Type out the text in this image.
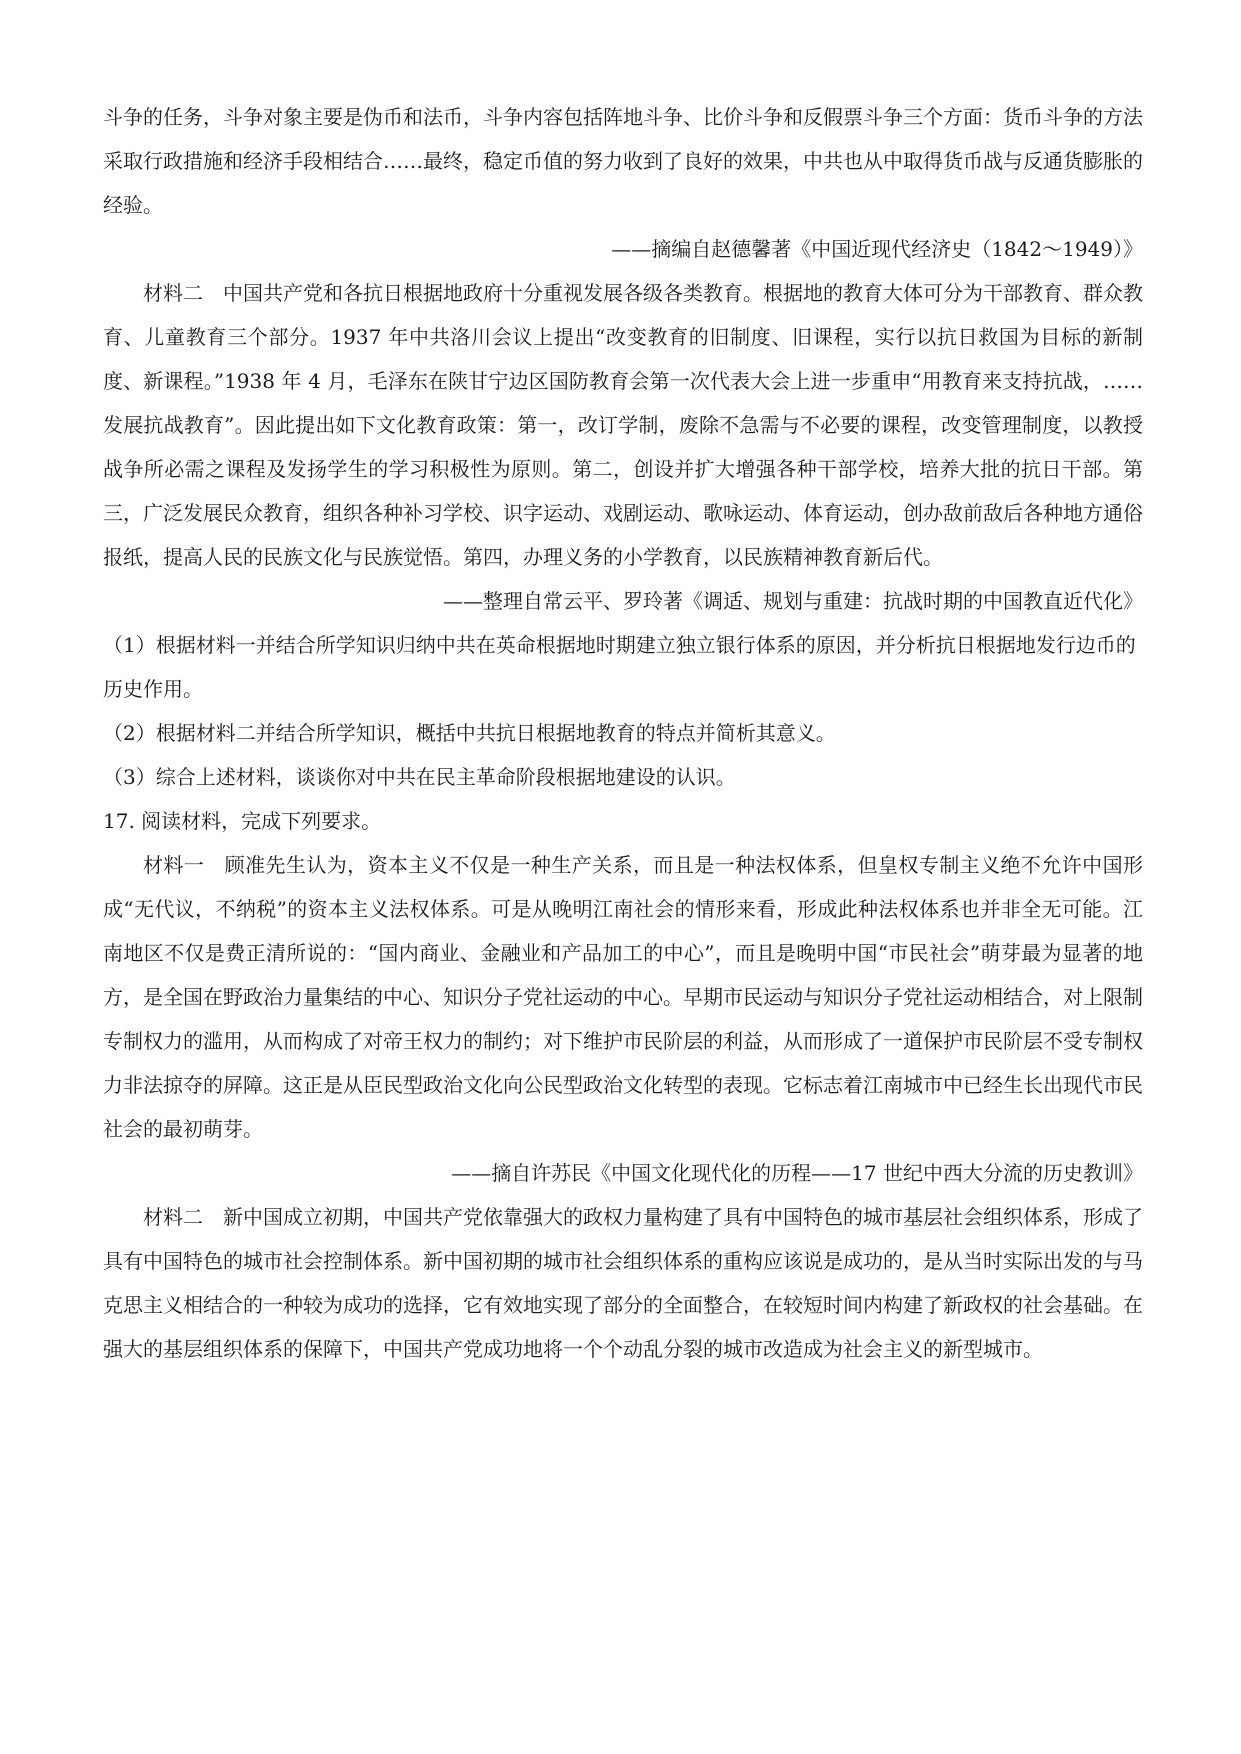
斗争的任务，斗争对象主要是伪币和法币，斗争内容包括阵地斗争、比价斗争和反假票斗争三个方面：货币斗争的方法采取行政措施和经济手段相结合……最终，稳定币值的努力收到了良好的效果，中共也从中取得货币战与反通货膨胀的经验。

——摘编自赵德馨著《中国近现代经济史（1842～1949）》

材料二　中国共产党和各抗日根据地政府十分重视发展各级各类教育。根据地的教育大体可分为干部教育、群众教育、儿童教育三个部分。1937 年中共洛川会议上提出“改变教育的旧制度、旧课程，实行以抗日救国为目标的新制度、新课程。”1938 年 4 月，毛泽东在陕甘宁边区国防教育会第一次代表大会上进一步重申“用教育来支持抗战，……发展抗战教育”。因此提出如下文化教育政策：第一，改订学制，废除不急需与不必要的课程，改变管理制度，以教授战争所必需之课程及发扬学生的学习积极性为原则。第二，创设并扩大增强各种干部学校，培养大批的抗日干部。第三，广泛发展民众教育，组织各种补习学校、识字运动、戏剧运动、歌咏运动、体育运动，创办敌前敌后各种地方通俗报纸，提高人民的民族文化与民族觉悟。第四，办理义务的小学教育，以民族精神教育新后代。

——整理自常云平、罗玲著《调适、规划与重建：抗战时期的中国教直近代化》

（1）根据材料一并结合所学知识归纳中共在英命根据地时期建立独立银行体系的原因，并分析抗日根据地发行边币的历史作用。

（2）根据材料二并结合所学知识，概括中共抗日根据地教育的特点并简析其意义。

（3）综合上述材料，谈谈你对中共在民主革命阶段根据地建设的认识。

17. 阅读材料，完成下列要求。

材料一　顾准先生认为，资本主义不仅是一种生产关系，而且是一种法权体系，但皇权专制主义绝不允许中国形成“无代议，不纳税”的资本主义法权体系。可是从晚明江南社会的情形来看，形成此种法权体系也并非全无可能。江南地区不仅是费正清所说的：“国内商业、金融业和产品加工的中心”，而且是晚明中国“市民社会”萌芽最为显著的地方，是全国在野政治力量集结的中心、知识分子党社运动的中心。早期市民运动与知识分子党社运动相结合，对上限制专制权力的滥用，从而构成了对帝王权力的制约；对下维护市民阶层的利益，从而形成了一道保护市民阶层不受专制权力非法掠夺的屏障。这正是从臣民型政治文化向公民型政治文化转型的表现。它标志着江南城市中已经生长出现代市民社会的最初萌芽。

——摘自许苏民《中国文化现代化的历程——17 世纪中西大分流的历史教训》

材料二　新中国成立初期，中国共产党依靠强大的政权力量构建了具有中国特色的城市基层社会组织体系，形成了具有中国特色的城市社会控制体系。新中国初期的城市社会组织体系的重构应该说是成功的，是从当时实际出发的与马克思主义相结合的一种较为成功的选择，它有效地实现了部分的全面整合，在较短时间内构建了新政权的社会基础。在强大的基层组织体系的保障下，中国共产党成功地将一个个动乱分裂的城市改造成为社会主义的新型城市。
